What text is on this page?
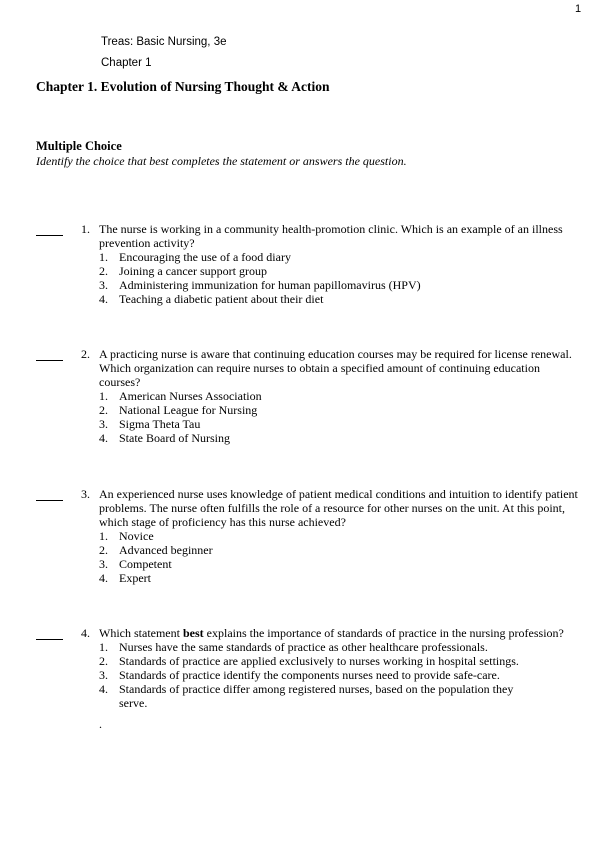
1
Treas: Basic Nursing, 3e
Chapter 1
Chapter 1. Evolution of Nursing Thought & Action
Multiple Choice
Identify the choice that best completes the statement or answers the question.
1. The nurse is working in a community health-promotion clinic. Which is an example of an illness prevention activity?
1. Encouraging the use of a food diary
2. Joining a cancer support group
3. Administering immunization for human papillomavirus (HPV)
4. Teaching a diabetic patient about their diet
2. A practicing nurse is aware that continuing education courses may be required for license renewal. Which organization can require nurses to obtain a specified amount of continuing education courses?
1. American Nurses Association
2. National League for Nursing
3. Sigma Theta Tau
4. State Board of Nursing
3. An experienced nurse uses knowledge of patient medical conditions and intuition to identify patient problems. The nurse often fulfills the role of a resource for other nurses on the unit. At this point, which stage of proficiency has this nurse achieved?
1. Novice
2. Advanced beginner
3. Competent
4. Expert
4. Which statement best explains the importance of standards of practice in the nursing profession?
1. Nurses have the same standards of practice as other healthcare professionals.
2. Standards of practice are applied exclusively to nurses working in hospital settings.
3. Standards of practice identify the components nurses need to provide safe-care.
4. Standards of practice differ among registered nurses, based on the population they serve.
.
